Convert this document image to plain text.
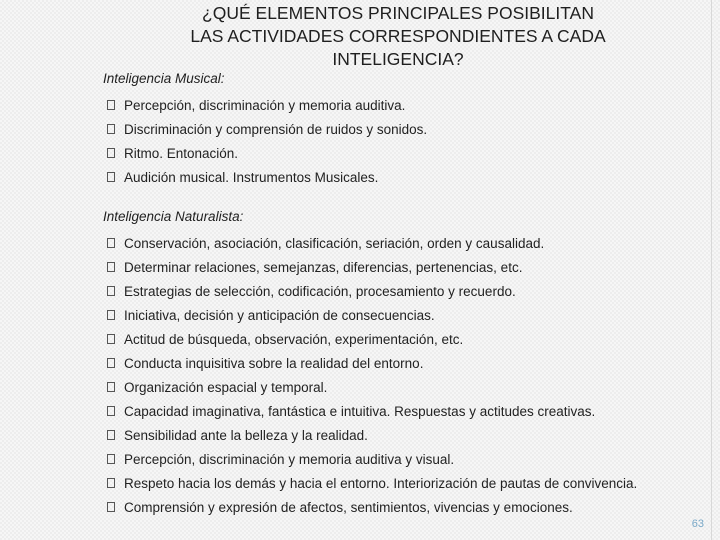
¿QUÉ ELEMENTOS PRINCIPALES POSIBILITAN
LAS ACTIVIDADES CORRESPONDIENTES A CADA
INTELIGENCIA?
Inteligencia Musical:
Percepción, discriminación y memoria auditiva.
Discriminación y comprensión de ruidos y sonidos.
Ritmo. Entonación.
Audición musical. Instrumentos Musicales.
Inteligencia Naturalista:
Conservación, asociación, clasificación, seriación, orden y causalidad.
Determinar relaciones, semejanzas, diferencias, pertenencias, etc.
Estrategias de selección, codificación, procesamiento y recuerdo.
Iniciativa, decisión y anticipación de consecuencias.
Actitud de búsqueda, observación, experimentación, etc.
Conducta inquisitiva sobre la realidad del entorno.
Organización espacial y temporal.
Capacidad imaginativa, fantástica e intuitiva. Respuestas y actitudes creativas.
Sensibilidad ante la belleza y la realidad.
Percepción, discriminación y memoria auditiva y visual.
Respeto hacia los demás y hacia el entorno. Interiorización de pautas de convivencia.
Comprensión y expresión de afectos, sentimientos, vivencias y emociones.
63
